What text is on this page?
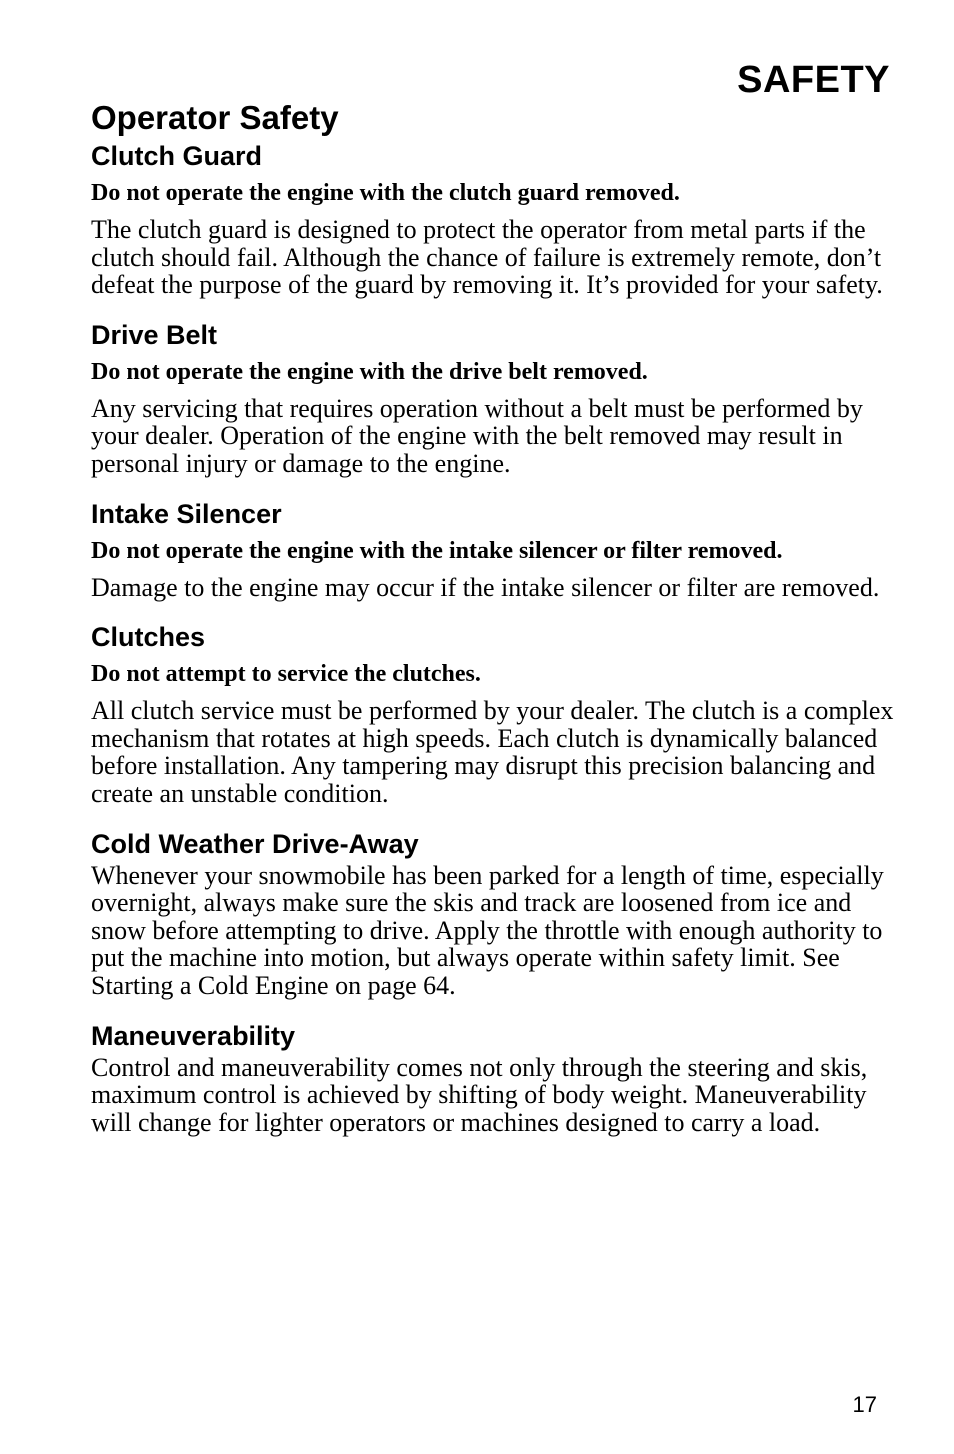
SAFETY
Operator Safety
Clutch Guard

Do not operate the engine with the clutch guard removed.

The clutch guard is designed to protect the operator from metal parts if the clutch should fail. Although the chance of failure is extremely remote, don’t defeat the purpose of the guard by removing it. It’s provided for your safety.

Drive Belt

Do not operate the engine with the drive belt removed.

Any servicing that requires operation without a belt must be performed by your dealer. Operation of the engine with the belt removed may result in personal injury or damage to the engine.

Intake Silencer

Do not operate the engine with the intake silencer or filter removed.

Damage to the engine may occur if the intake silencer or filter are removed.

Clutches

Do not attempt to service the clutches.

All clutch service must be performed by your dealer. The clutch is a complex mechanism that rotates at high speeds. Each clutch is dynamically balanced before installation. Any tampering may disrupt this precision balancing and create an unstable condition.

Cold Weather Drive-Away

Whenever your snowmobile has been parked for a length of time, especially overnight, always make sure the skis and track are loosened from ice and snow before attempting to drive. Apply the throttle with enough authority to put the machine into motion, but always operate within safety limit. See Starting a Cold Engine on page 64.

Maneuverability

Control and maneuverability comes not only through the steering and skis, maximum control is achieved by shifting of body weight. Maneuverability will change for lighter operators or machines designed to carry a load.

17
